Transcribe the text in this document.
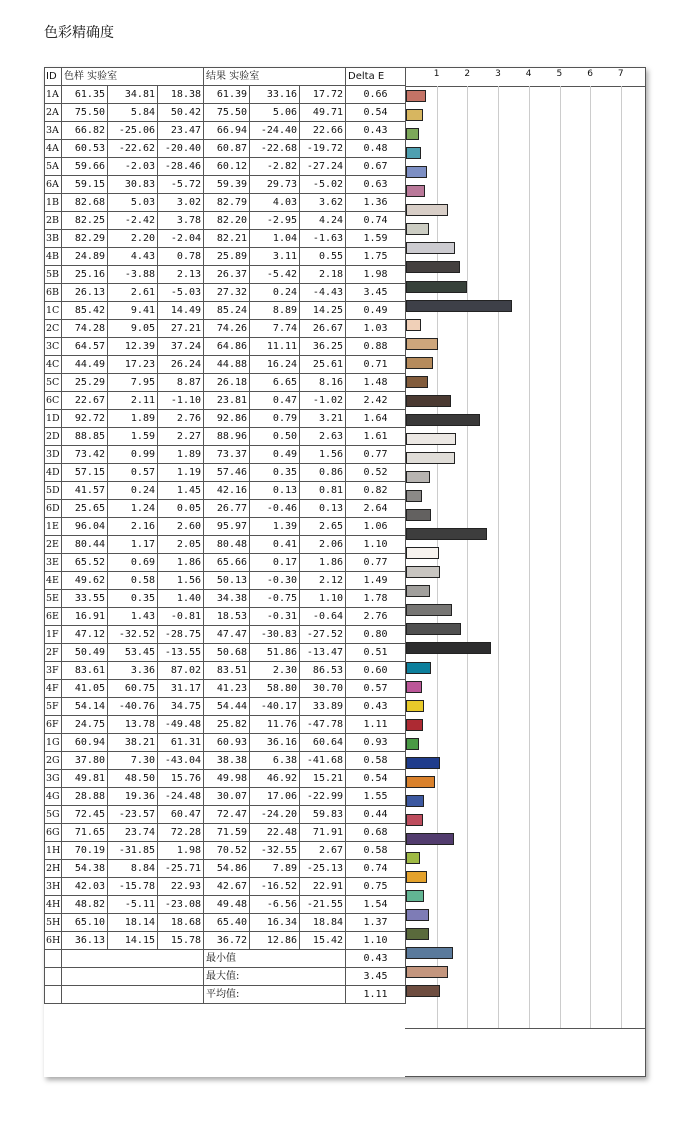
色彩精确度
ID	色样 实验室			结果 实验室			Delta E
1A	61.35	34.81	18.38	61.39	33.16	17.72	0.66
2A	75.50	5.84	50.42	75.50	5.06	49.71	0.54
3A	66.82	-25.06	23.47	66.94	-24.40	22.66	0.43
4A	60.53	-22.62	-20.40	60.87	-22.68	-19.72	0.48
5A	59.66	-2.03	-28.46	60.12	-2.82	-27.24	0.67
6A	59.15	30.83	-5.72	59.39	29.73	-5.02	0.63
1B	82.68	5.03	3.02	82.79	4.03	3.62	1.36
2B	82.25	-2.42	3.78	82.20	-2.95	4.24	0.74
3B	82.29	2.20	-2.04	82.21	1.04	-1.63	1.59
4B	24.89	4.43	0.78	25.89	3.11	0.55	1.75
5B	25.16	-3.88	2.13	26.37	-5.42	2.18	1.98
6B	26.13	2.61	-5.03	27.32	0.24	-4.43	3.45
1C	85.42	9.41	14.49	85.24	8.89	14.25	0.49
2C	74.28	9.05	27.21	74.26	7.74	26.67	1.03
3C	64.57	12.39	37.24	64.86	11.11	36.25	0.88
4C	44.49	17.23	26.24	44.88	16.24	25.61	0.71
5C	25.29	7.95	8.87	26.18	6.65	8.16	1.48
6C	22.67	2.11	-1.10	23.81	0.47	-1.02	2.42
1D	92.72	1.89	2.76	92.86	0.79	3.21	1.64
2D	88.85	1.59	2.27	88.96	0.50	2.63	1.61
3D	73.42	0.99	1.89	73.37	0.49	1.56	0.77
4D	57.15	0.57	1.19	57.46	0.35	0.86	0.52
5D	41.57	0.24	1.45	42.16	0.13	0.81	0.82
6D	25.65	1.24	0.05	26.77	-0.46	0.13	2.64
1E	96.04	2.16	2.60	95.97	1.39	2.65	1.06
2E	80.44	1.17	2.05	80.48	0.41	2.06	1.10
3E	65.52	0.69	1.86	65.66	0.17	1.86	0.77
4E	49.62	0.58	1.56	50.13	-0.30	2.12	1.49
5E	33.55	0.35	1.40	34.38	-0.75	1.10	1.78
6E	16.91	1.43	-0.81	18.53	-0.31	-0.64	2.76
1F	47.12	-32.52	-28.75	47.47	-30.83	-27.52	0.80
2F	50.49	53.45	-13.55	50.68	51.86	-13.47	0.51
3F	83.61	3.36	87.02	83.51	2.30	86.53	0.60
4F	41.05	60.75	31.17	41.23	58.80	30.70	0.57
5F	54.14	-40.76	34.75	54.44	-40.17	33.89	0.43
6F	24.75	13.78	-49.48	25.82	11.76	-47.78	1.11
1G	60.94	38.21	61.31	60.93	36.16	60.64	0.93
2G	37.80	7.30	-43.04	38.38	6.38	-41.68	0.58
3G	49.81	48.50	15.76	49.98	46.92	15.21	0.54
4G	28.88	19.36	-24.48	30.07	17.06	-22.99	1.55
5G	72.45	-23.57	60.47	72.47	-24.20	59.83	0.44
6G	71.65	23.74	72.28	71.59	22.48	71.91	0.68
1H	70.19	-31.85	1.98	70.52	-32.55	2.67	0.58
2H	54.38	8.84	-25.71	54.86	7.89	-25.13	0.74
3H	42.03	-15.78	22.93	42.67	-16.52	22.91	0.75
4H	48.82	-5.11	-23.08	49.48	-6.56	-21.55	1.54
5H	65.10	18.14	18.68	65.40	16.34	18.84	1.37
6H	36.13	14.15	15.78	36.72	12.86	15.42	1.10
				最小值			0.43
				最大值:			3.45
				平均值:			1.11
1	2	3	4	5	6	7
